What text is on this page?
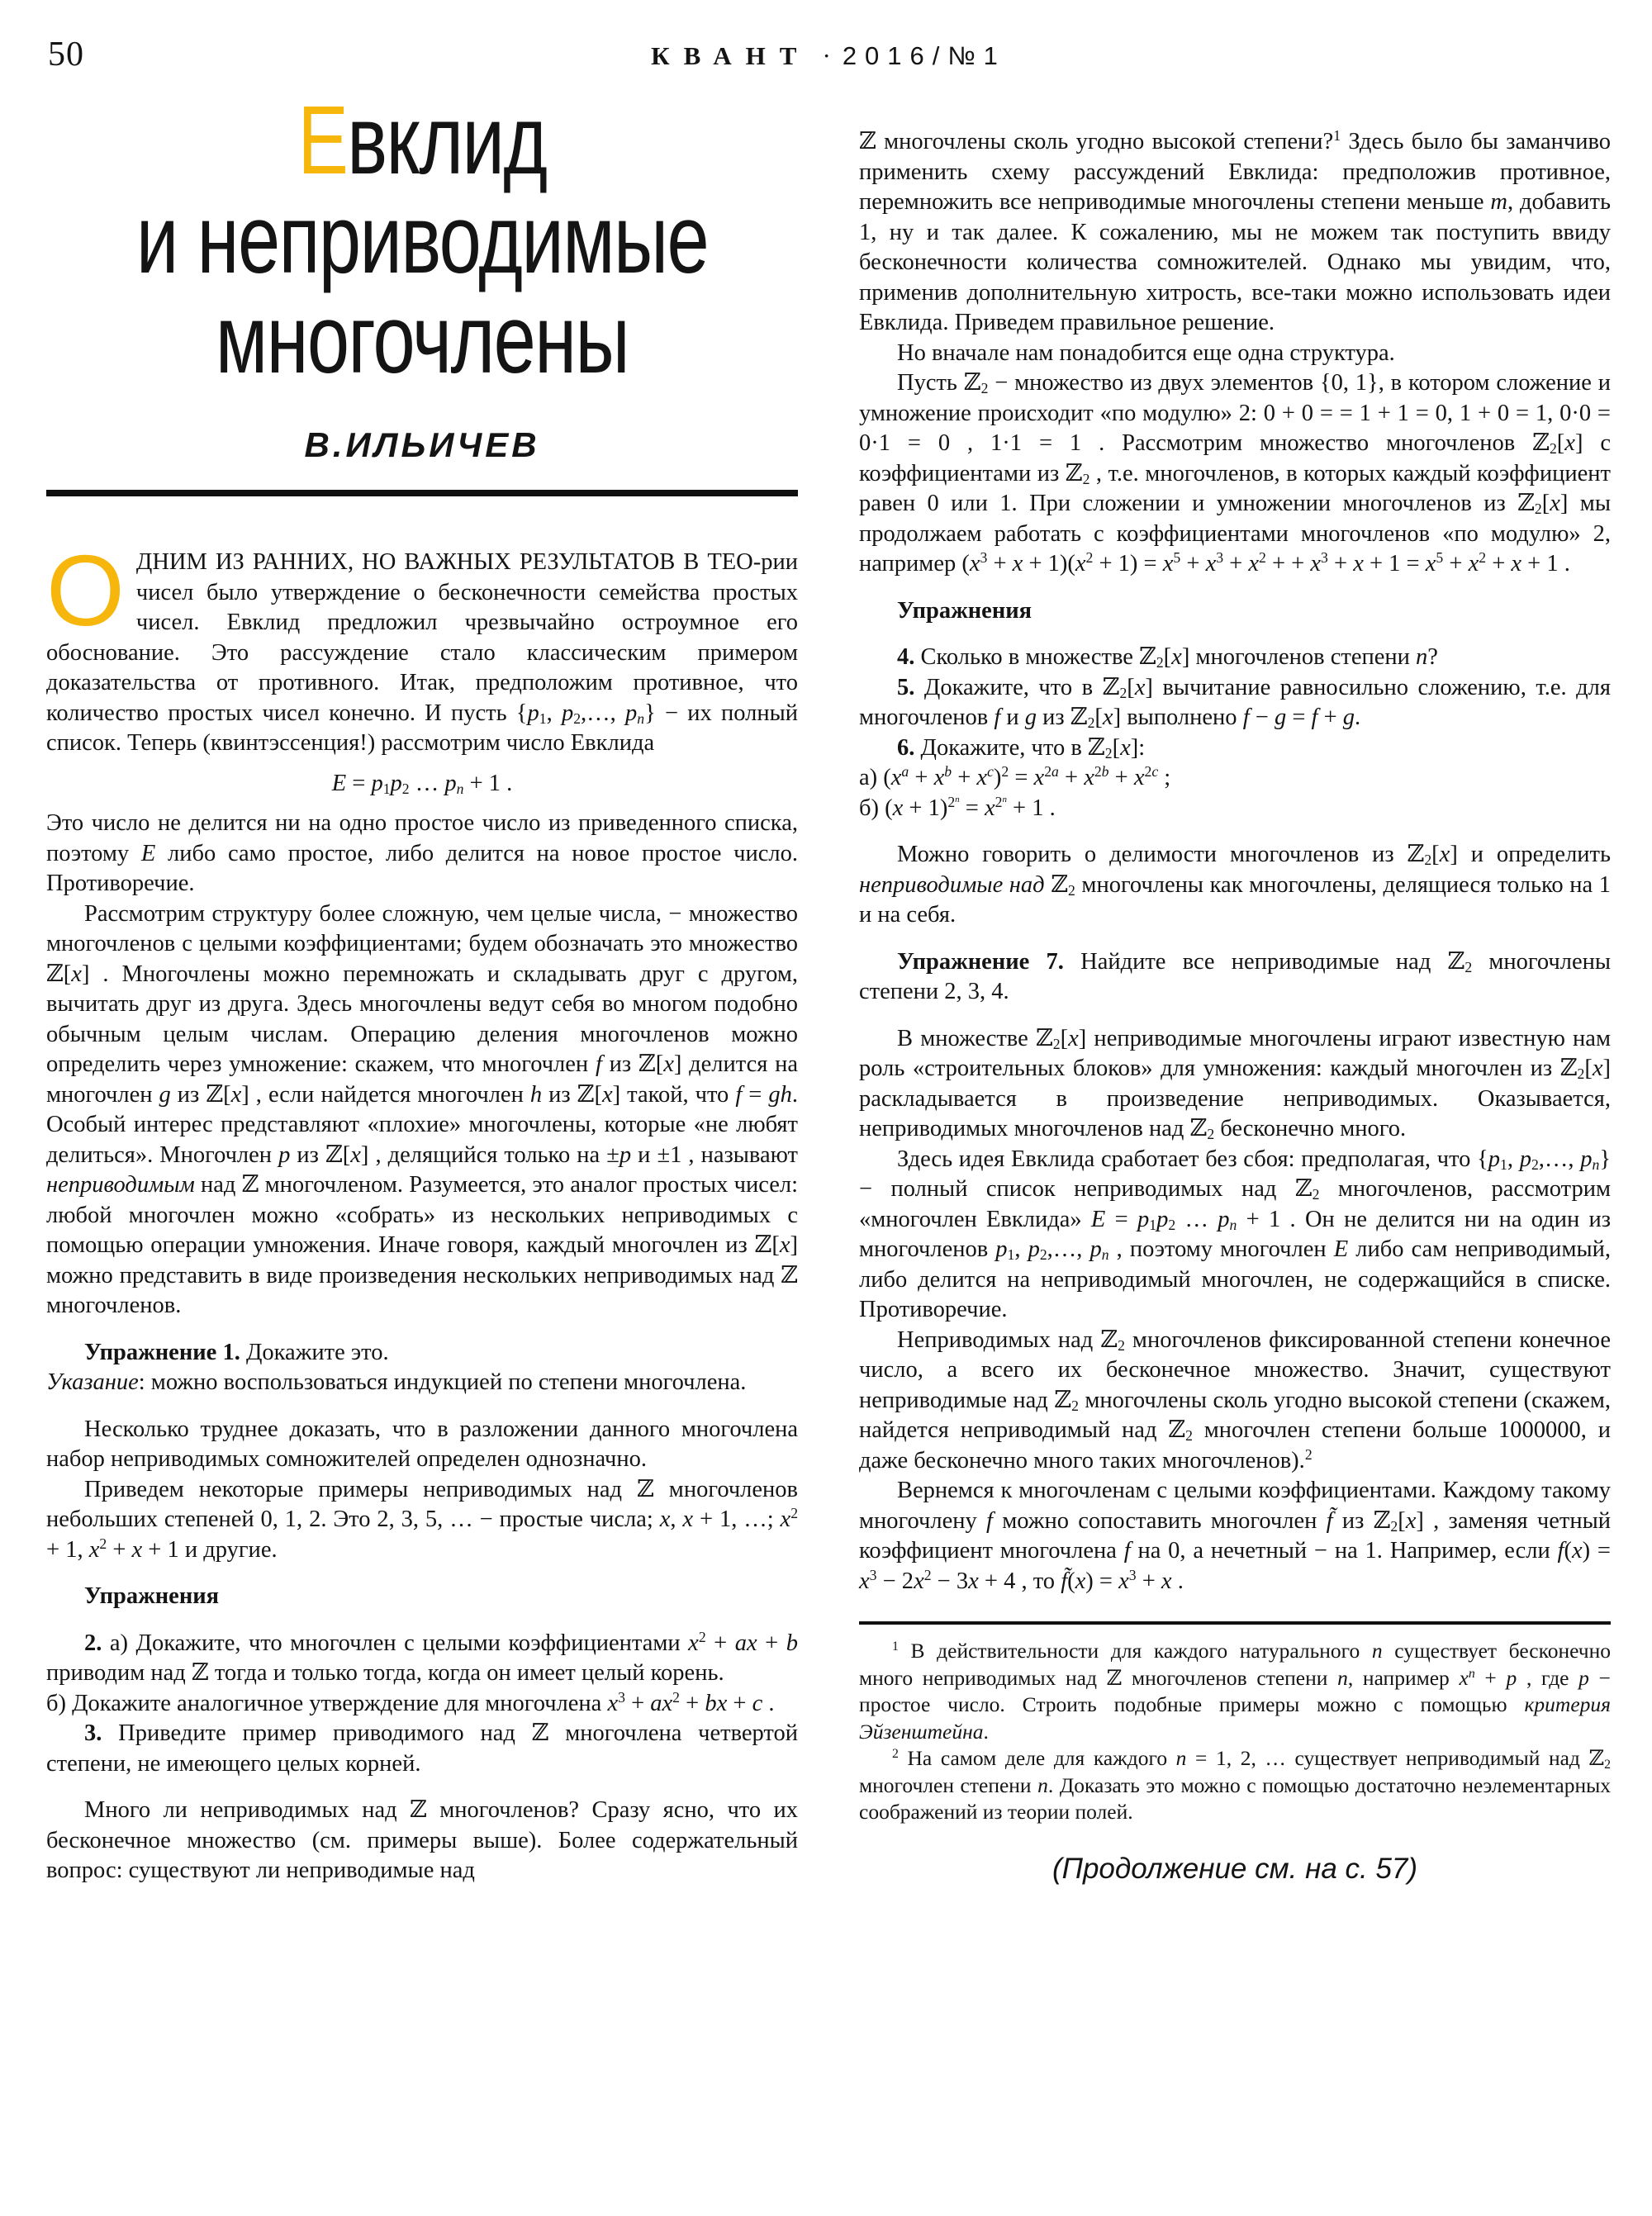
50	КВАНТ · 2016/№1
Евклид
и неприводимые
многочлены
В.ИЛЬИЧЕВ
ОДНИМ ИЗ РАННИХ, НО ВАЖНЫХ РЕЗУЛЬТАТОВ В ТЕО-рии чисел было утверждение о бесконечности семейства простых чисел. Евклид предложил чрезвычайно остроумное его обоснование. Это рассуждение стало классическим примером доказательства от противного. Итак, предположим противное, что количество простых чисел конечно. И пусть {$p_1$, $p_2,\dots$, $p_n$} − их полный список. Теперь (квинтэссенция!) рассмотрим число Евклида
$E = p_1p_2$ … $p_n + 1$ .
Это число не делится ни на одно простое число из приведенного списка, поэтому E либо само простое, либо делится на новое простое число. Противоречие.
Рассмотрим структуру более сложную, чем целые числа, − множество многочленов с целыми коэффициентами; будем обозначать это множество ℤ[x] . Многочлены можно перемножать и складывать друг с другом, вычитать друг из друга. Здесь многочлены ведут себя во многом подобно обычным целым числам. Операцию деления многочленов можно определить через умножение: скажем, что многочлен f из ℤ[x] делится на многочлен g из ℤ[x] , если найдется многочлен h из ℤ[x] такой, что f = gh. Особый интерес представляют «плохие» многочлены, которые «не любят делиться». Многочлен p из ℤ[x] , делящийся только на ±p и ±1 , называют неприводимым над ℤ многочленом. Разумеется, это аналог простых чисел: любой многочлен можно «собрать» из нескольких неприводимых с помощью операции умножения. Иначе говоря, каждый многочлен из ℤ[x] можно представить в виде произведения нескольких неприводимых над ℤ многочленов.
Упражнение 1. Докажите это.
Указание: можно воспользоваться индукцией по степени многочлена.
Несколько труднее доказать, что в разложении данного многочлена набор неприводимых сомножителей определен однозначно.
Приведем некоторые примеры неприводимых над ℤ многочленов небольших степеней 0, 1, 2. Это 2, 3, 5, … − простые числа; x, x + 1, …; $x^2 + 1$, $x^2 + x + 1$ и другие.
Упражнения
2. а) Докажите, что многочлен с целыми коэффициентами $x^2$ + ax + b приводим над ℤ тогда и только тогда, когда он имеет целый корень.
б) Докажите аналогичное утверждение для многочлена $x^3 + ax^2$ + bx + c .
3. Приведите пример приводимого над ℤ многочлена четвертой степени, не имеющего целых корней.
Много ли неприводимых над ℤ многочленов? Сразу ясно, что их бесконечное множество (см. примеры выше). Более содержательный вопрос: существуют ли неприводимые над
ℤ многочлены сколь угодно высокой степени?$^1$ Здесь было бы заманчиво применить схему рассуждений Евклида: предположив противное, перемножить все неприводимые многочлены степени меньше m, добавить 1, ну и так далее. К сожалению, мы не можем так поступить ввиду бесконечности количества сомножителей. Однако мы увидим, что, применив дополнительную хитрость, все-таки можно использовать идеи Евклида. Приведем правильное решение.
Но вначале нам понадобится еще одна структура.
Пусть ℤ$_2$ − множество из двух элементов {0, 1}, в котором сложение и умножение происходит «по модулю» 2: 0 + 0 = = 1 + 1 = 0, 1 + 0 = 1, 0·0 = 0·1 = 0 , 1·1 = 1 . Рассмотрим множество многочленов ℤ$_2$[x] с коэффициентами из ℤ$_2$ , т.е. многочленов, в которых каждый коэффициент равен 0 или 1. При сложении и умножении многочленов из ℤ$_2$[x] мы продолжаем работать с коэффициентами многочленов «по модулю» 2, например $(x^3 + x + 1)(x^2 + 1) = x^5 + x^3 + x^2$ + + $x^3 + x + 1 = x^5 + x^2 + x + 1$ .
Упражнения
4. Сколько в множестве ℤ$_2$[x] многочленов степени n?
5. Докажите, что в ℤ$_2$[x] вычитание равносильно сложению, т.е. для многочленов f и g из ℤ$_2$[x] выполнено f − g = f + g.
6. Докажите, что в ℤ$_2$[x]:
а) $(x^a + x^b + x^c)^2 = x^{2a} + x^{2b} + x^{2c}$ ;
б) $(x + 1)^{2^n} = x^{2^n} + 1$ .
Можно говорить о делимости многочленов из ℤ$_2$[x] и определить неприводимые над ℤ$_2$ многочлены как многочлены, делящиеся только на 1 и на себя.
Упражнение 7. Найдите все неприводимые над ℤ$_2$ многочлены степени 2, 3, 4.
В множестве ℤ$_2$[x] неприводимые многочлены играют известную нам роль «строительных блоков» для умножения: каждый многочлен из ℤ$_2$[x] раскладывается в произведение неприводимых. Оказывается, неприводимых многочленов над ℤ$_2$ бесконечно много.
Здесь идея Евклида сработает без сбоя: предполагая, что {$p_1$, $p_2,\dots$, $p_n$} − полный список неприводимых над ℤ$_2$ многочленов, рассмотрим «многочлен Евклида» $E = p_1p_2$ … $p_n + 1$ . Он не делится ни на один из многочленов $p_1$, $p_2,\dots$, $p_n$ , поэтому многочлен E либо сам неприводимый, либо делится на неприводимый многочлен, не содержащийся в списке. Противоречие.
Неприводимых над ℤ$_2$ многочленов фиксированной степени конечное число, а всего их бесконечное множество. Значит, существуют неприводимые над ℤ$_2$ многочлены сколь угодно высокой степени (скажем, найдется неприводимый над ℤ$_2$ многочлен степени больше 1000000, и даже бесконечно много таких многочленов).$^2$
Вернемся к многочленам с целыми коэффициентами. Каждому такому многочлену f можно сопоставить многочлен f̃ из ℤ$_2$[x] , заменяя четный коэффициент многочлена f на 0, а нечетный − на 1. Например, если $f(x) = x^3 - 2x^2 - 3x + 4$ , то f̃(x) = $x^3 + x$ .
$^1$ В действительности для каждого натурального n существует бесконечно много неприводимых над ℤ многочленов степени n, например $x^n + p$ , где p − простое число. Строить подобные примеры можно с помощью критерия Эйзенштейна.
$^2$ На самом деле для каждого n = 1, 2, … существует неприводимый над ℤ$_2$ многочлен степени n. Доказать это можно с помощью достаточно неэлементарных соображений из теории полей.
(Продолжение см. на с. 57)
